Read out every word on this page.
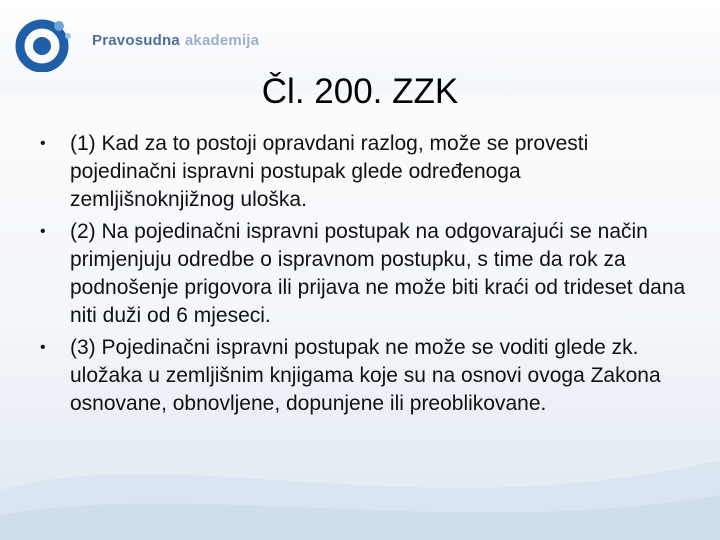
Pravosudna akademija
Čl. 200. ZZK
• (1) Kad za to postoji opravdani razlog, može se provesti pojedinačni ispravni postupak glede određenoga zemljišnoknjižnog uloška.
• (2) Na pojedinačni ispravni postupak na odgovarajući se način primjenjuju odredbe o ispravnom postupku, s time da rok za podnošenje prigovora ili prijava ne može biti kraći od trideset dana niti duži od 6 mjeseci.
• (3) Pojedinačni ispravni postupak ne može se voditi glede zk. uložaka u zemljišnim knjigama koje su na osnovi ovoga Zakona osnovane, obnovljene, dopunjene ili preoblikovane.
